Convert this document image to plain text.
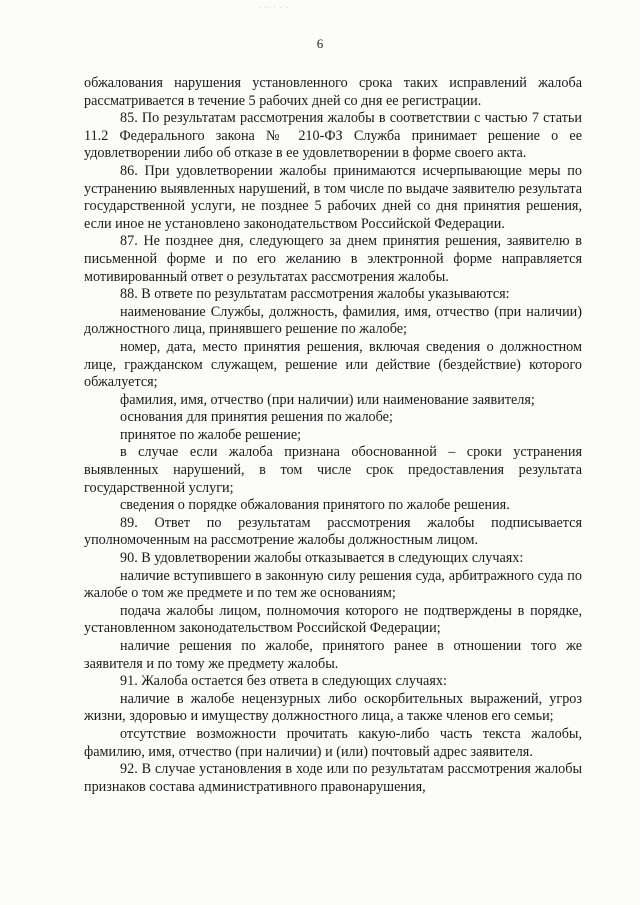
· ·· · · ·
6

обжалования нарушения установленного срока таких исправлений жалоба рассматривается в течение 5 рабочих дней со дня ее регистрации.

85. По результатам рассмотрения жалобы в соответствии с частью 7 статьи 11.2 Федерального закона № 210-ФЗ Служба принимает решение о ее удовлетворении либо об отказе в ее удовлетворении в форме своего акта.

86. При удовлетворении жалобы принимаются исчерпывающие меры по устранению выявленных нарушений, в том числе по выдаче заявителю результата государственной услуги, не позднее 5 рабочих дней со дня принятия решения, если иное не установлено законодательством Российской Федерации.

87. Не позднее дня, следующего за днем принятия решения, заявителю в письменной форме и по его желанию в электронной форме направляется мотивированный ответ о результатах рассмотрения жалобы.

88. В ответе по результатам рассмотрения жалобы указываются:

наименование Службы, должность, фамилия, имя, отчество (при наличии) должностного лица, принявшего решение по жалобе;

номер, дата, место принятия решения, включая сведения о должностном лице, гражданском служащем, решение или действие (бездействие) которого обжалуется;

фамилия, имя, отчество (при наличии) или наименование заявителя;

основания для принятия решения по жалобе;

принятое по жалобе решение;

в случае если жалоба признана обоснованной – сроки устранения выявленных нарушений, в том числе срок предоставления результата государственной услуги;

сведения о порядке обжалования принятого по жалобе решения.

89. Ответ по результатам рассмотрения жалобы подписывается уполномоченным на рассмотрение жалобы должностным лицом.

90. В удовлетворении жалобы отказывается в следующих случаях:

наличие вступившего в законную силу решения суда, арбитражного суда по жалобе о том же предмете и по тем же основаниям;

подача жалобы лицом, полномочия которого не подтверждены в порядке, установленном законодательством Российской Федерации;

наличие решения по жалобе, принятого ранее в отношении того же заявителя и по тому же предмету жалобы.

91. Жалоба остается без ответа в следующих случаях:

наличие в жалобе нецензурных либо оскорбительных выражений, угроз жизни, здоровью и имуществу должностного лица, а также членов его семьи;

отсутствие возможности прочитать какую-либо часть текста жалобы, фамилию, имя, отчество (при наличии) и (или) почтовый адрес заявителя.

92. В случае установления в ходе или по результатам рассмотрения жалобы признаков состава административного правонарушения,
